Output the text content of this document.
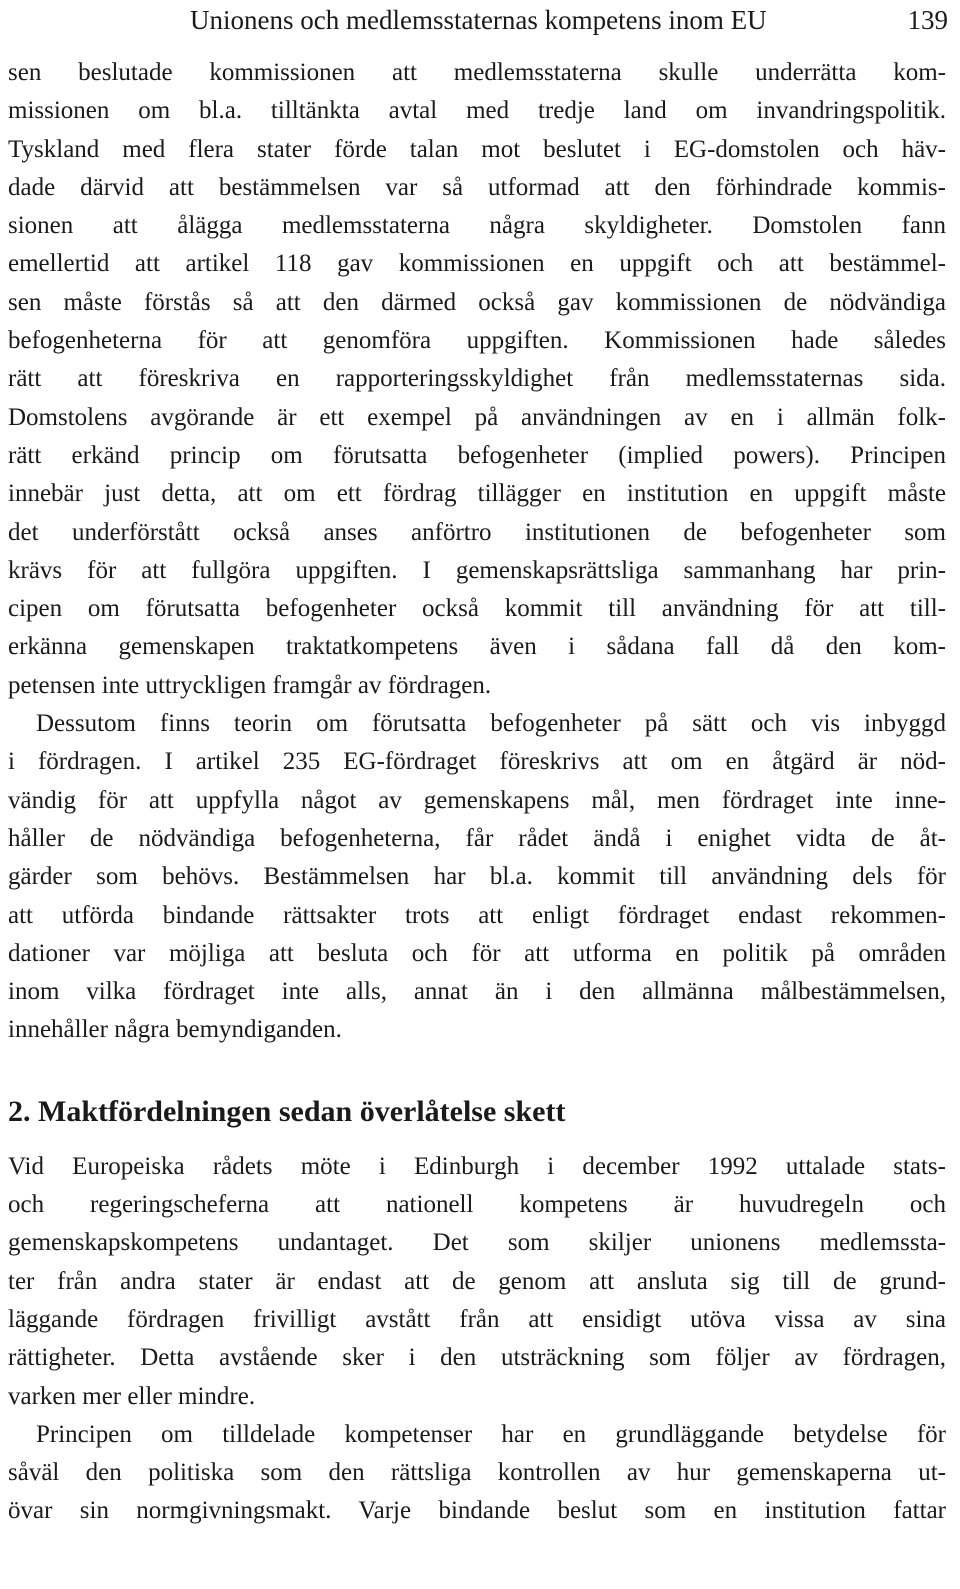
Unionens och medlemsstaternas kompetens inom EU	139
sen beslutade kommissionen att medlemsstaterna skulle underrätta kom-
missionen om bl.a. tilltänkta avtal med tredje land om invandringspolitik.
Tyskland med flera stater förde talan mot beslutet i EG-domstolen och häv-
dade därvid att bestämmelsen var så utformad att den förhindrade kommis-
sionen att ålägga medlemsstaterna några skyldigheter. Domstolen fann
emellertid att artikel 118 gav kommissionen en uppgift och att bestämmel-
sen måste förstås så att den därmed också gav kommissionen de nödvändiga
befogenheterna för att genomföra uppgiften. Kommissionen hade således
rätt att föreskriva en rapporteringsskyldighet från medlemsstaternas sida.
Domstolens avgörande är ett exempel på användningen av en i allmän folk-
rätt erkänd princip om förutsatta befogenheter (implied powers). Principen
innebär just detta, att om ett fördrag tillägger en institution en uppgift måste
det underförstått också anses anförtro institutionen de befogenheter som
krävs för att fullgöra uppgiften. I gemenskapsrättsliga sammanhang har prin-
cipen om förutsatta befogenheter också kommit till användning för att till-
erkänna gemenskapen traktatkompetens även i sådana fall då den kom-
petensen inte uttryckligen framgår av fördragen.
Dessutom finns teorin om förutsatta befogenheter på sätt och vis inbyggd
i fördragen. I artikel 235 EG-fördraget föreskrivs att om en åtgärd är nöd-
vändig för att uppfylla något av gemenskapens mål, men fördraget inte inne-
håller de nödvändiga befogenheterna, får rådet ändå i enighet vidta de åt-
gärder som behövs. Bestämmelsen har bl.a. kommit till användning dels för
att utförda bindande rättsakter trots att enligt fördraget endast rekommen-
dationer var möjliga att besluta och för att utforma en politik på områden
inom vilka fördraget inte alls, annat än i den allmänna målbestämmelsen,
innehåller några bemyndiganden.
2. Maktfördelningen sedan överlåtelse skett
Vid Europeiska rådets möte i Edinburgh i december 1992 uttalade stats-
och regeringscheferna att nationell kompetens är huvudregeln och
gemenskapskompetens undantaget. Det som skiljer unionens medlemssta-
ter från andra stater är endast att de genom att ansluta sig till de grund-
läggande fördragen frivilligt avstått från att ensidigt utöva vissa av sina
rättigheter. Detta avstående sker i den utsträckning som följer av fördragen,
varken mer eller mindre.
Principen om tilldelade kompetenser har en grundläggande betydelse för
såväl den politiska som den rättsliga kontrollen av hur gemenskaperna ut-
övar sin normgivningsmakt. Varje bindande beslut som en institution fattar
